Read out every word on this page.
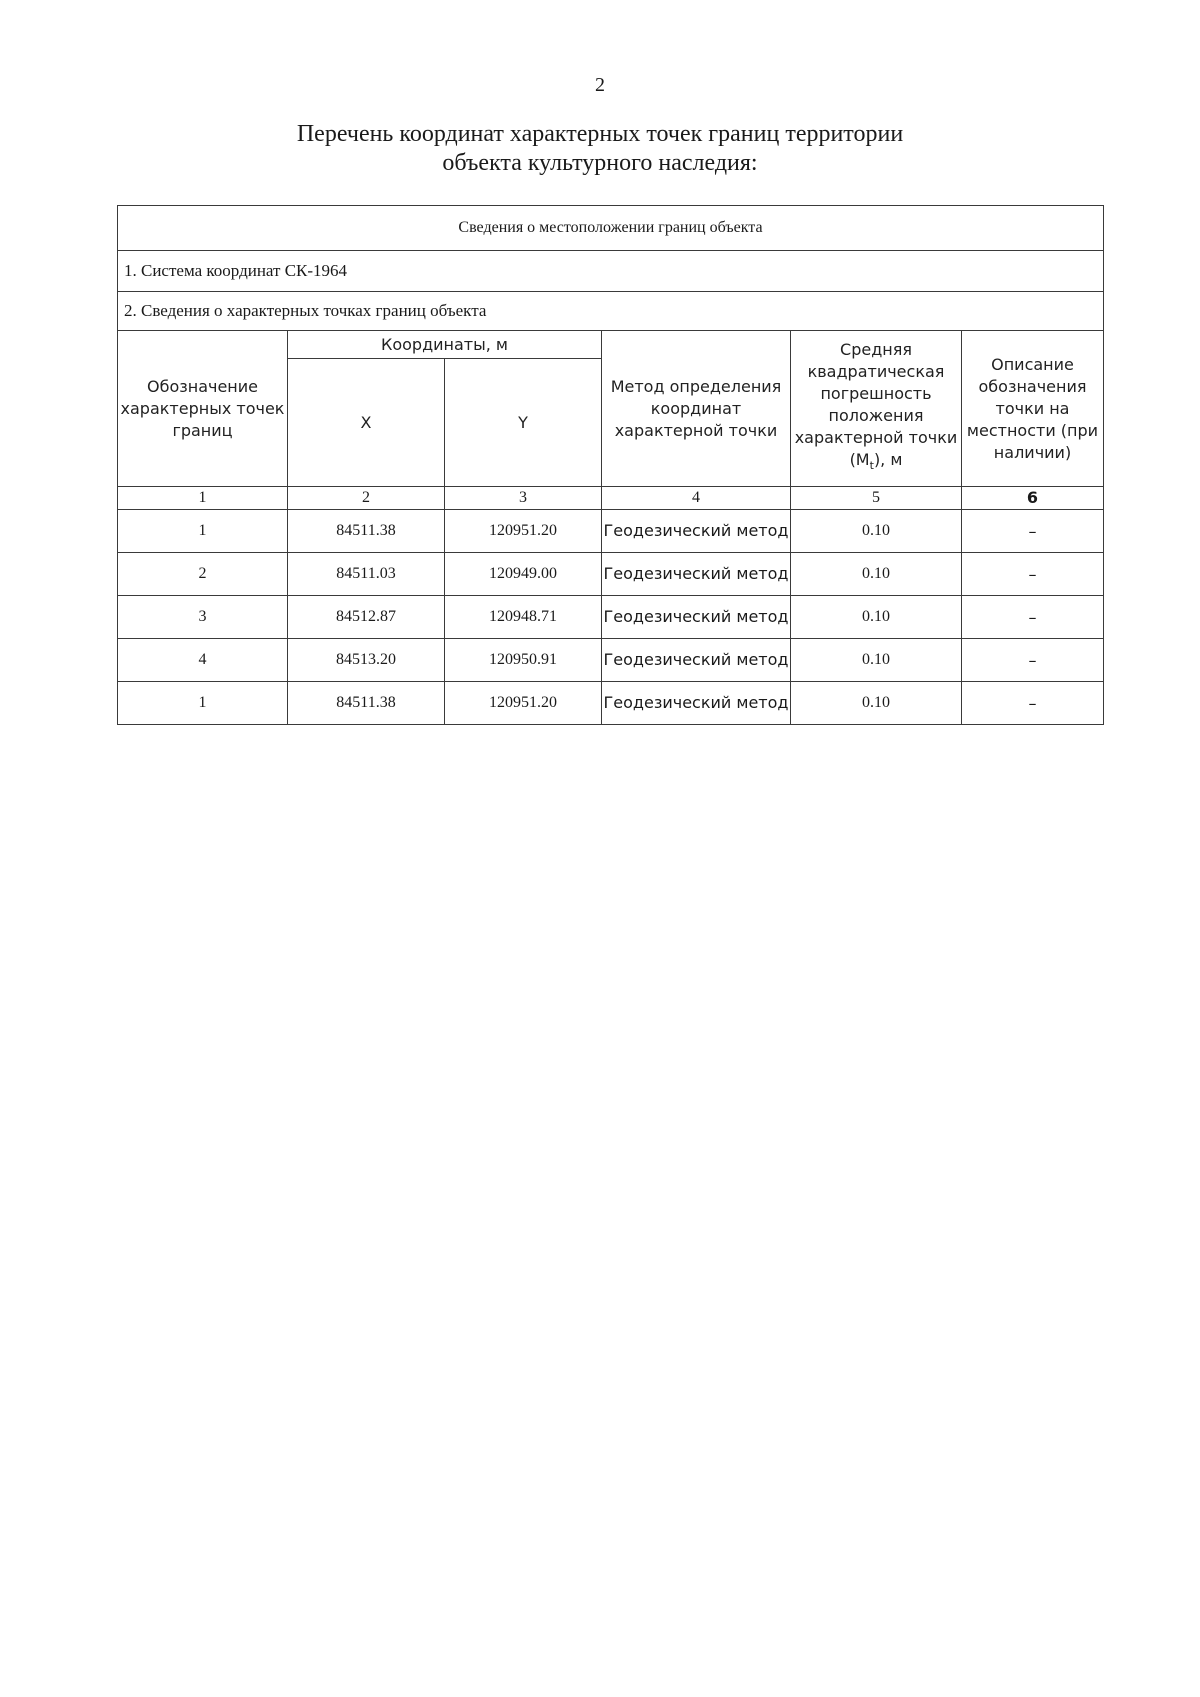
2
Перечень координат характерных точек границ территории
объекта культурного наследия:
Сведения о местоположении границ объекта					
1. Система координат СК-1964					
2. Сведения о характерных точках границ объекта					
Обозначение характерных точек границ	Координаты, м		Метод определения координат характерной точки	Средняя квадратическая погрешность положения характерной точки $(M_t)$, м	Описание обозначения точки на местности (при наличии)
	X	Y			
1	2	3	4	5	6
1	84511.38	120951.20	Геодезический метод	0.10	–
2	84511.03	120949.00	Геодезический метод	0.10	–
3	84512.87	120948.71	Геодезический метод	0.10	–
4	84513.20	120950.91	Геодезический метод	0.10	–
1	84511.38	120951.20	Геодезический метод	0.10	–
